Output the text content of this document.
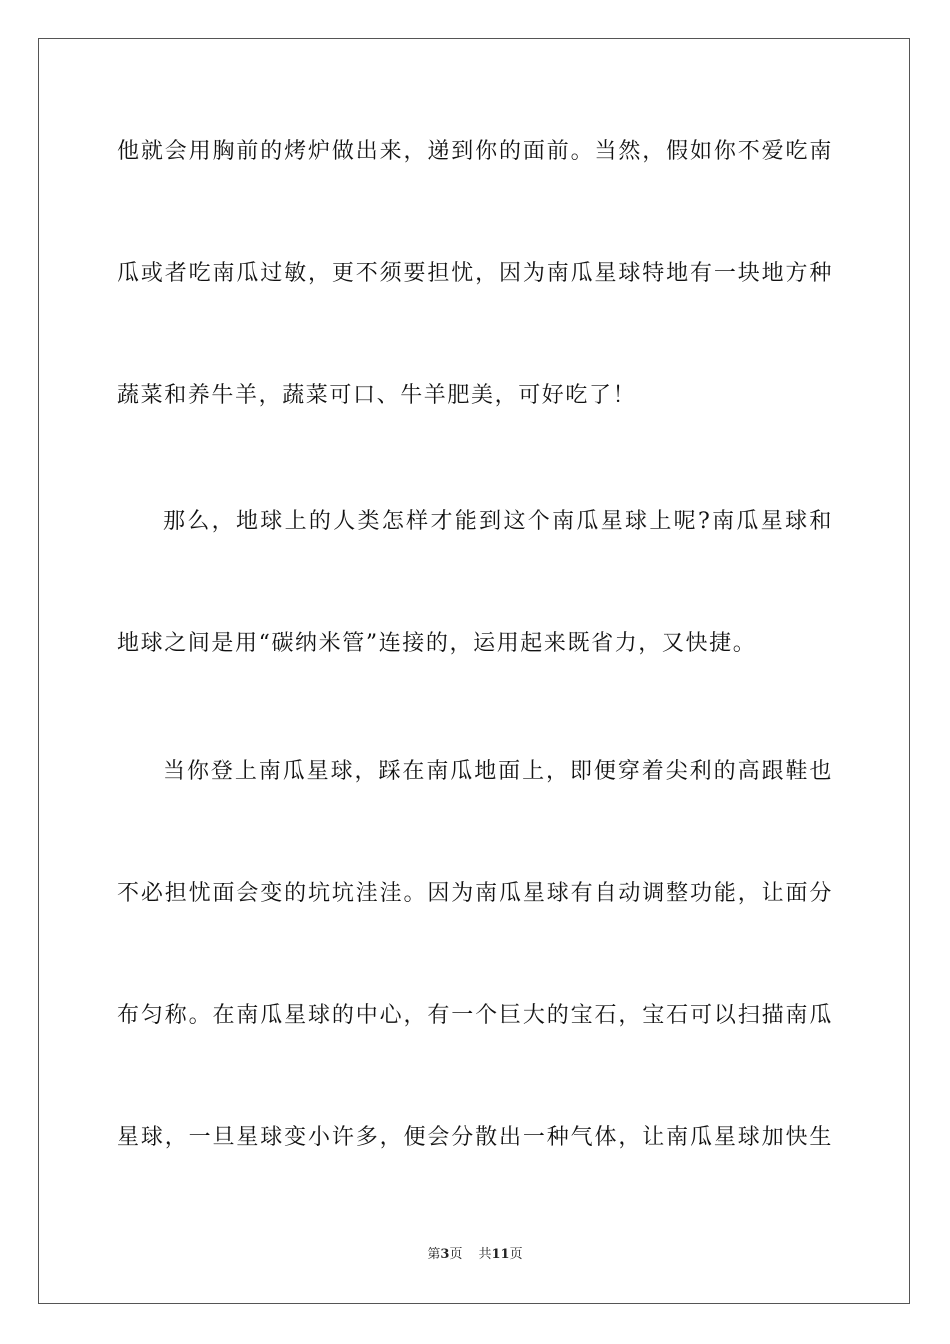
他就会用胸前的烤炉做出来，递到你的面前。当然，假如你不爱吃南
瓜或者吃南瓜过敏，更不须要担忧，因为南瓜星球特地有一块地方种
蔬菜和养牛羊，蔬菜可口、牛羊肥美，可好吃了！
那么，地球上的人类怎样才能到这个南瓜星球上呢?南瓜星球和
地球之间是用“碳纳米管”连接的，运用起来既省力，又快捷。
当你登上南瓜星球，踩在南瓜地面上，即便穿着尖利的高跟鞋也
不必担忧面会变的坑坑洼洼。因为南瓜星球有自动调整功能，让面分
布匀称。在南瓜星球的中心，有一个巨大的宝石，宝石可以扫描南瓜
星球，一旦星球变小许多，便会分散出一种气体，让南瓜星球加快生
第3页 共11页
